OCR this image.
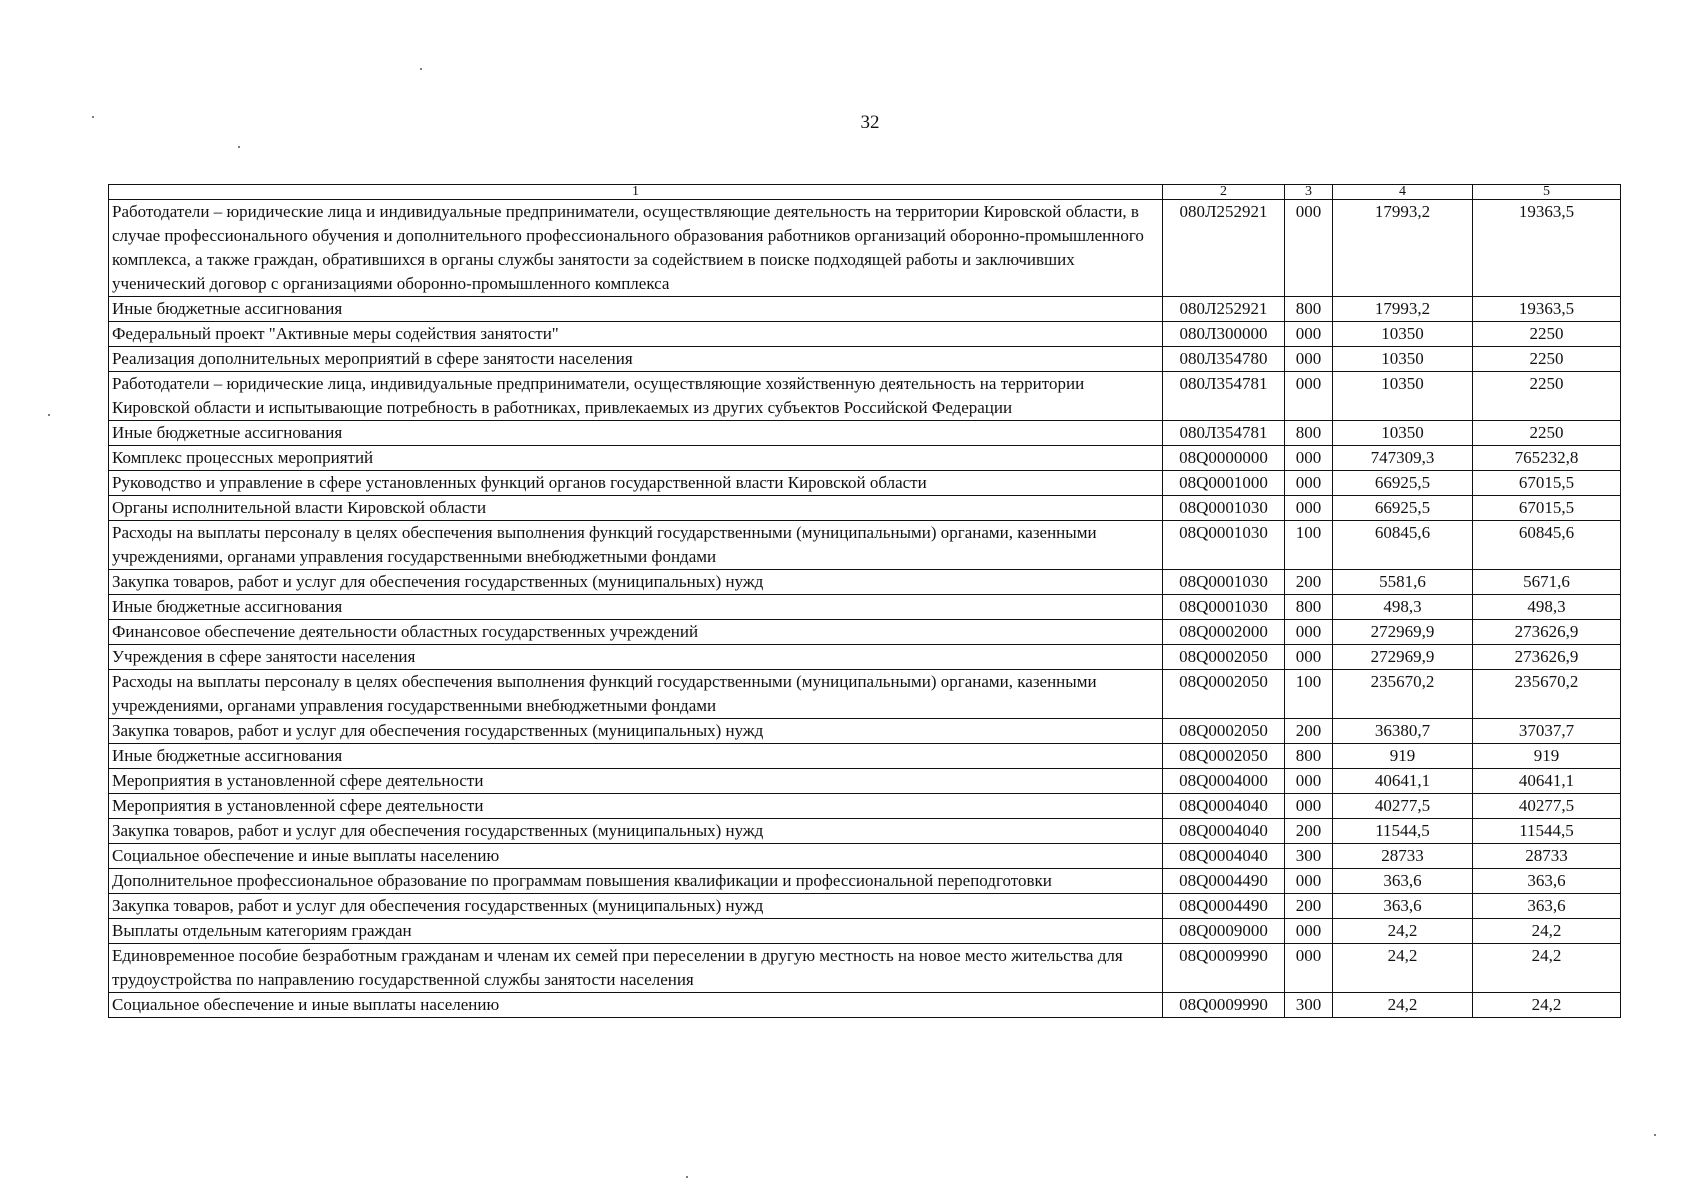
32
1	2	3	4	5
Работодатели – юридические лица и индивидуальные предприниматели, осуществляющие деятельность на территории Кировской области, в случае профессионального обучения и дополнительного профессионального образования работников организаций оборонно-промышленного комплекса, а также граждан, обратившихся в органы службы занятости за содействием в поиске подходящей работы и заключивших ученический договор с организациями оборонно-промышленного комплекса	080Л252921	000	17993,2	19363,5
Иные бюджетные ассигнования	080Л252921	800	17993,2	19363,5
Федеральный проект "Активные меры содействия занятости"	080Л300000	000	10350	2250
Реализация дополнительных мероприятий в сфере занятости населения	080Л354780	000	10350	2250
Работодатели – юридические лица, индивидуальные предприниматели, осуществляющие хозяйственную деятельность на территории Кировской области и испытывающие потребность в работниках, привлекаемых из других субъектов Российской Федерации	080Л354781	000	10350	2250
Иные бюджетные ассигнования	080Л354781	800	10350	2250
Комплекс процессных мероприятий	08Q0000000	000	747309,3	765232,8
Руководство и управление в сфере установленных функций органов государственной власти Кировской области	08Q0001000	000	66925,5	67015,5
Органы исполнительной власти Кировской области	08Q0001030	000	66925,5	67015,5
Расходы на выплаты персоналу в целях обеспечения выполнения функций государственными (муниципальными) органами, казенными учреждениями, органами управления государственными внебюджетными фондами	08Q0001030	100	60845,6	60845,6
Закупка товаров, работ и услуг для обеспечения государственных (муниципальных) нужд	08Q0001030	200	5581,6	5671,6
Иные бюджетные ассигнования	08Q0001030	800	498,3	498,3
Финансовое обеспечение деятельности областных государственных учреждений	08Q0002000	000	272969,9	273626,9
Учреждения в сфере занятости населения	08Q0002050	000	272969,9	273626,9
Расходы на выплаты персоналу в целях обеспечения выполнения функций государственными (муниципальными) органами, казенными учреждениями, органами управления государственными внебюджетными фондами	08Q0002050	100	235670,2	235670,2
Закупка товаров, работ и услуг для обеспечения государственных (муниципальных) нужд	08Q0002050	200	36380,7	37037,7
Иные бюджетные ассигнования	08Q0002050	800	919	919
Мероприятия в установленной сфере деятельности	08Q0004000	000	40641,1	40641,1
Мероприятия в установленной сфере деятельности	08Q0004040	000	40277,5	40277,5
Закупка товаров, работ и услуг для обеспечения государственных (муниципальных) нужд	08Q0004040	200	11544,5	11544,5
Социальное обеспечение и иные выплаты населению	08Q0004040	300	28733	28733
Дополнительное профессиональное образование по программам повышения квалификации и профессиональной переподготовки	08Q0004490	000	363,6	363,6
Закупка товаров, работ и услуг для обеспечения государственных (муниципальных) нужд	08Q0004490	200	363,6	363,6
Выплаты отдельным категориям граждан	08Q0009000	000	24,2	24,2
Единовременное пособие безработным гражданам и членам их семей при переселении в другую местность на новое место жительства для трудоустройства по направлению государственной службы занятости населения	08Q0009990	000	24,2	24,2
Социальное обеспечение и иные выплаты населению	08Q0009990	300	24,2	24,2
